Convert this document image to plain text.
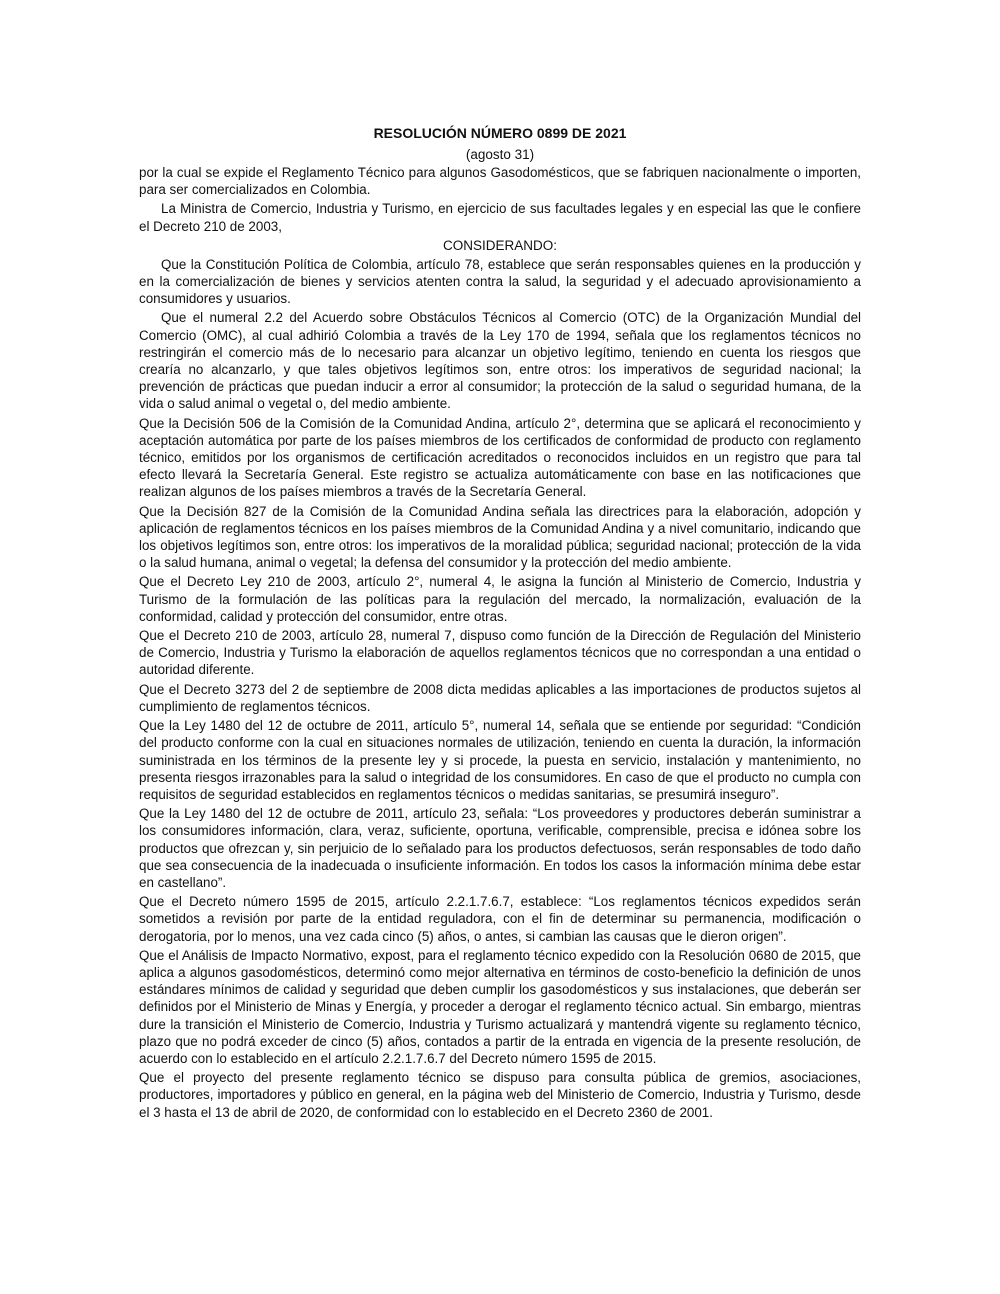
RESOLUCIÓN NÚMERO 0899 DE 2021
(agosto 31)
por la cual se expide el Reglamento Técnico para algunos Gasodomésticos, que se fabriquen nacionalmente o importen, para ser comercializados en Colombia.
La Ministra de Comercio, Industria y Turismo, en ejercicio de sus facultades legales y en especial las que le confiere el Decreto 210 de 2003,
CONSIDERANDO:
Que la Constitución Política de Colombia, artículo 78, establece que serán responsables quienes en la producción y en la comercialización de bienes y servicios atenten contra la salud, la seguridad y el adecuado aprovisionamiento a consumidores y usuarios.
Que el numeral 2.2 del Acuerdo sobre Obstáculos Técnicos al Comercio (OTC) de la Organización Mundial del Comercio (OMC), al cual adhirió Colombia a través de la Ley 170 de 1994, señala que los reglamentos técnicos no restringirán el comercio más de lo necesario para alcanzar un objetivo legítimo, teniendo en cuenta los riesgos que crearía no alcanzarlo, y que tales objetivos legítimos son, entre otros: los imperativos de seguridad nacional; la prevención de prácticas que puedan inducir a error al consumidor; la protección de la salud o seguridad humana, de la vida o salud animal o vegetal o, del medio ambiente.
Que la Decisión 506 de la Comisión de la Comunidad Andina, artículo 2°, determina que se aplicará el reconocimiento y aceptación automática por parte de los países miembros de los certificados de conformidad de producto con reglamento técnico, emitidos por los organismos de certificación acreditados o reconocidos incluidos en un registro que para tal efecto llevará la Secretaría General. Este registro se actualiza automáticamente con base en las notificaciones que realizan algunos de los países miembros a través de la Secretaría General.
Que la Decisión 827 de la Comisión de la Comunidad Andina señala las directrices para la elaboración, adopción y aplicación de reglamentos técnicos en los países miembros de la Comunidad Andina y a nivel comunitario, indicando que los objetivos legítimos son, entre otros: los imperativos de la moralidad pública; seguridad nacional; protección de la vida o la salud humana, animal o vegetal; la defensa del consumidor y la protección del medio ambiente.
Que el Decreto Ley 210 de 2003, artículo 2°, numeral 4, le asigna la función al Ministerio de Comercio, Industria y Turismo de la formulación de las políticas para la regulación del mercado, la normalización, evaluación de la conformidad, calidad y protección del consumidor, entre otras.
Que el Decreto 210 de 2003, artículo 28, numeral 7, dispuso como función de la Dirección de Regulación del Ministerio de Comercio, Industria y Turismo la elaboración de aquellos reglamentos técnicos que no correspondan a una entidad o autoridad diferente.
Que el Decreto 3273 del 2 de septiembre de 2008 dicta medidas aplicables a las importaciones de productos sujetos al cumplimiento de reglamentos técnicos.
Que la Ley 1480 del 12 de octubre de 2011, artículo 5°, numeral 14, señala que se entiende por seguridad: “Condición del producto conforme con la cual en situaciones normales de utilización, teniendo en cuenta la duración, la información suministrada en los términos de la presente ley y si procede, la puesta en servicio, instalación y mantenimiento, no presenta riesgos irrazonables para la salud o integridad de los consumidores. En caso de que el producto no cumpla con requisitos de seguridad establecidos en reglamentos técnicos o medidas sanitarias, se presumirá inseguro”.
Que la Ley 1480 del 12 de octubre de 2011, artículo 23, señala: “Los proveedores y productores deberán suministrar a los consumidores información, clara, veraz, suficiente, oportuna, verificable, comprensible, precisa e idónea sobre los productos que ofrezcan y, sin perjuicio de lo señalado para los productos defectuosos, serán responsables de todo daño que sea consecuencia de la inadecuada o insuficiente información. En todos los casos la información mínima debe estar en castellano”.
Que el Decreto número 1595 de 2015, artículo 2.2.1.7.6.7, establece: “Los reglamentos técnicos expedidos serán sometidos a revisión por parte de la entidad reguladora, con el fin de determinar su permanencia, modificación o derogatoria, por lo menos, una vez cada cinco (5) años, o antes, si cambian las causas que le dieron origen”.
Que el Análisis de Impacto Normativo, expost, para el reglamento técnico expedido con la Resolución 0680 de 2015, que aplica a algunos gasodomésticos, determinó como mejor alternativa en términos de costo-beneficio la definición de unos estándares mínimos de calidad y seguridad que deben cumplir los gasodomésticos y sus instalaciones, que deberán ser definidos por el Ministerio de Minas y Energía, y proceder a derogar el reglamento técnico actual. Sin embargo, mientras dure la transición el Ministerio de Comercio, Industria y Turismo actualizará y mantendrá vigente su reglamento técnico, plazo que no podrá exceder de cinco (5) años, contados a partir de la entrada en vigencia de la presente resolución, de acuerdo con lo establecido en el artículo 2.2.1.7.6.7 del Decreto número 1595 de 2015.
Que el proyecto del presente reglamento técnico se dispuso para consulta pública de gremios, asociaciones, productores, importadores y público en general, en la página web del Ministerio de Comercio, Industria y Turismo, desde el 3 hasta el 13 de abril de 2020, de conformidad con lo establecido en el Decreto 2360 de 2001.
